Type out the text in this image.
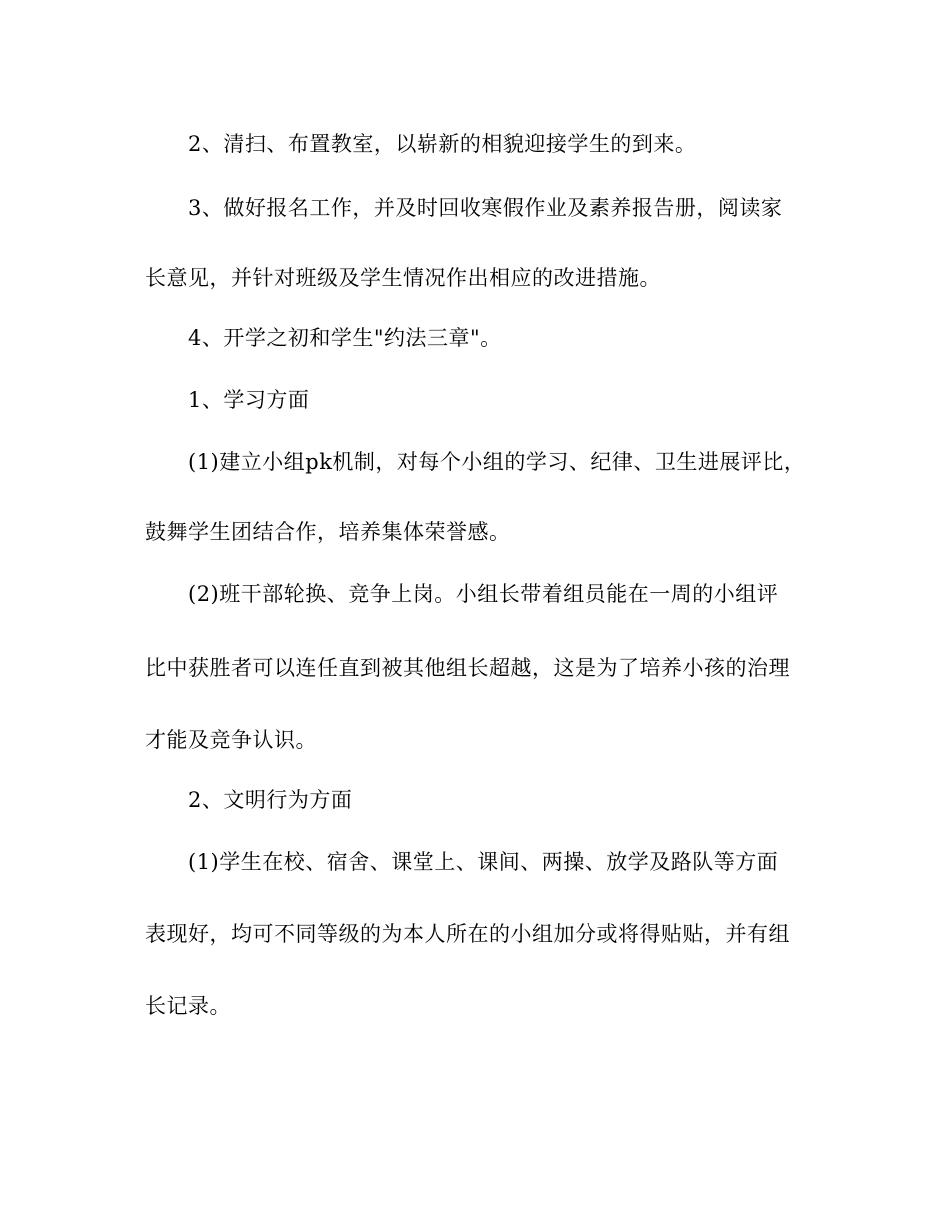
2、清扫、布置教室，以崭新的相貌迎接学生的到来。
3、做好报名工作，并及时回收寒假作业及素养报告册，阅读家
长意见，并针对班级及学生情况作出相应的改进措施。
4、开学之初和学生"约法三章"。
1、学习方面
(1)建立小组pk机制，对每个小组的学习、纪律、卫生进展评比，
鼓舞学生团结合作，培养集体荣誉感。
(2)班干部轮换、竞争上岗。小组长带着组员能在一周的小组评
比中获胜者可以连任直到被其他组长超越，这是为了培养小孩的治理
才能及竞争认识。
2、文明行为方面
(1)学生在校、宿舍、课堂上、课间、两操、放学及路队等方面
表现好，均可不同等级的为本人所在的小组加分或将得贴贴，并有组
长记录。
